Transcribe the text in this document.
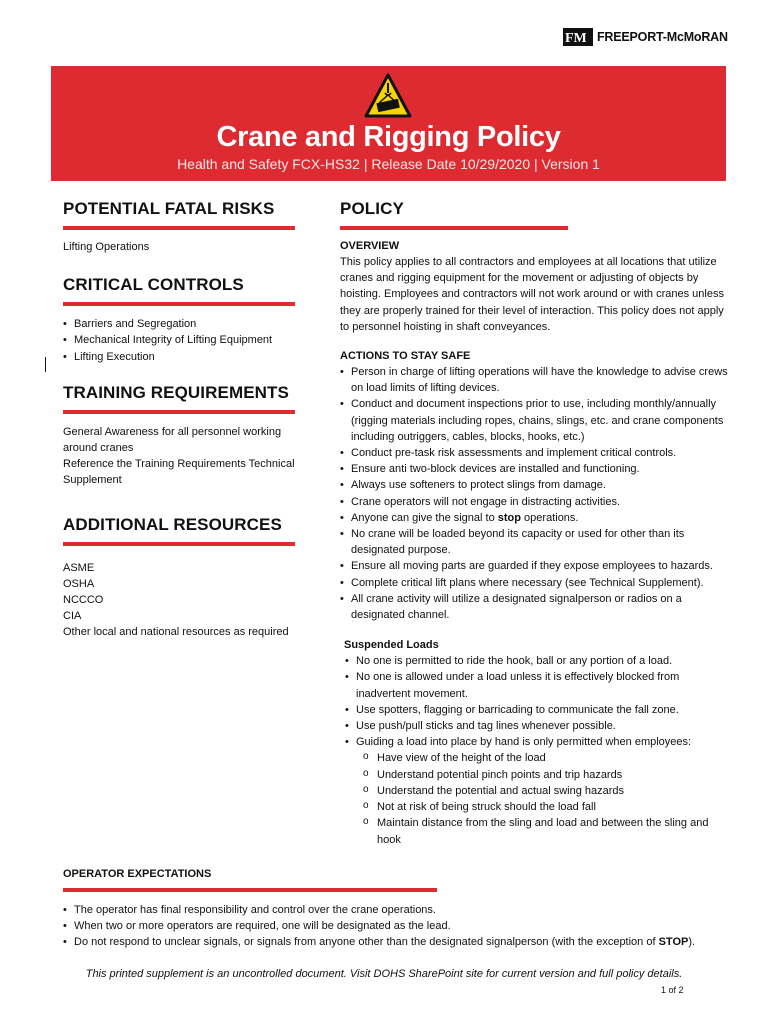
FM FREEPORT-McMoRAN
Crane and Rigging Policy
Health and Safety FCX-HS32 | Release Date 10/29/2020 | Version 1
POTENTIAL FATAL RISKS

Lifting Operations

CRITICAL CONTROLS
• Barriers and Segregation
• Mechanical Integrity of Lifting Equipment
• Lifting Execution
TRAINING REQUIREMENTS

General Awareness for all personnel working around cranes

Reference the Training Requirements Technical Supplement

ADDITIONAL RESOURCES

ASME

OSHA

NCCCO

CIA

Other local and national resources as required

POLICY

OVERVIEW

This policy applies to all contractors and employees at all locations that utilize cranes and rigging equipment for the movement or adjusting of objects by hoisting. Employees and contractors will not work around or with cranes unless they are properly trained for their level of interaction. This policy does not apply to personnel hoisting in shaft conveyances.

ACTIONS TO STAY SAFE

• Person in charge of lifting operations will have the knowledge to advise crews on load limits of lifting devices.
• Conduct and document inspections prior to use, including monthly/annually (rigging materials including ropes, chains, slings, etc. and crane components including outriggers, cables, blocks, hooks, etc.)
• Conduct pre-task risk assessments and implement critical controls.
• Ensure anti two-block devices are installed and functioning.
• Always use softeners to protect slings from damage.
• Crane operators will not engage in distracting activities.
• Anyone can give the signal to stop operations.
• No crane will be loaded beyond its capacity or used for other than its designated purpose.
• Ensure all moving parts are guarded if they expose employees to hazards.
• Complete critical lift plans where necessary (see Technical Supplement).
• All crane activity will utilize a designated signalperson or radios on a designated channel.

Suspended Loads

• No one is permitted to ride the hook, ball or any portion of a load.
• No one is allowed under a load unless it is effectively blocked from inadvertent movement.
• Use spotters, flagging or barricading to communicate the fall zone.
• Use push/pull sticks and tag lines whenever possible.
• Guiding a load into place by hand is only permitted when employees:
o Have view of the height of the load
o Understand potential pinch points and trip hazards
o Understand the potential and actual swing hazards
o Not at risk of being struck should the load fall
o Maintain distance from the sling and load and between the sling and hook

OPERATOR EXPECTATIONS

• The operator has final responsibility and control over the crane operations.
• When two or more operators are required, one will be designated as the lead.
• Do not respond to unclear signals, or signals from anyone other than the designated signalperson (with the exception of STOP).
This printed supplement is an uncontrolled document. Visit DOHS SharePoint site for current version and full policy details.
1 of 2
